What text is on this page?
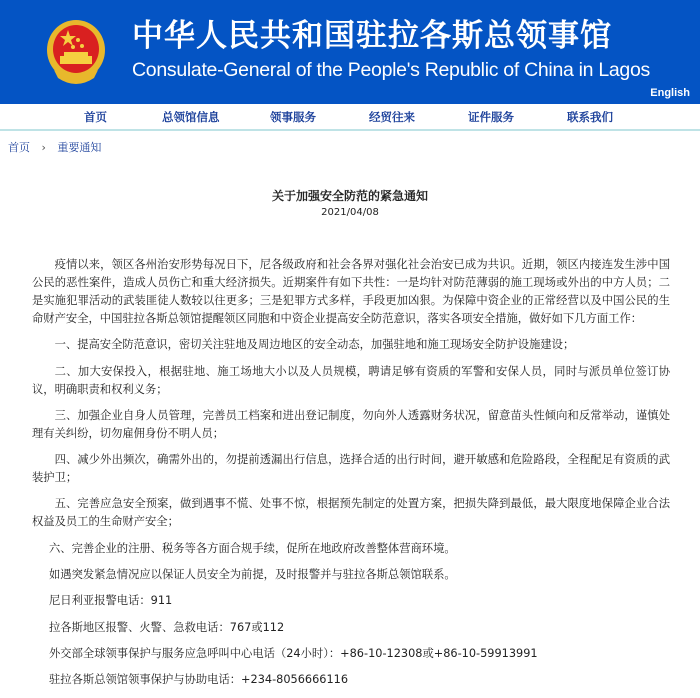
中华人民共和国驻拉各斯总领事馆
Consulate-General of the People's Republic of China in Lagos
English
首页	总领馆信息	领事服务	经贸往来	证件服务	联系我们
首页 › 重要通知
关于加强安全防范的紧急通知
2021/04/08

疫情以来，领区各州治安形势每况日下，尼各级政府和社会各界对强化社会治安已成为共识。近期，领区内接连发生涉中国公民的恶性案件，造成人员伤亡和重大经济损失。近期案件有如下共性：一是均针对防范薄弱的施工现场或外出的中方人员；二是实施犯罪活动的武装匪徒人数较以往更多；三是犯罪方式多样，手段更加凶狠。为保障中资企业的正常经营以及中国公民的生命财产安全，中国驻拉各斯总领馆提醒领区同胞和中资企业提高安全防范意识，落实各项安全措施，做好如下几方面工作：

一、提高安全防范意识，密切关注驻地及周边地区的安全动态，加强驻地和施工现场安全防护设施建设；

二、加大安保投入，根据驻地、施工场地大小以及人员规模，聘请足够有资质的军警和安保人员，同时与派员单位签订协议，明确职责和权利义务；

三、加强企业自身人员管理，完善员工档案和进出登记制度，勿向外人透露财务状况，留意苗头性倾向和反常举动，谨慎处理有关纠纷，切勿雇佣身份不明人员；

四、减少外出频次，确需外出的，勿提前透漏出行信息，选择合适的出行时间，避开敏感和危险路段，全程配足有资质的武装护卫；

五、完善应急安全预案，做到遇事不慌、处事不惊，根据预先制定的处置方案，把损失降到最低，最大限度地保障企业合法权益及员工的生命财产安全；

六、完善企业的注册、税务等各方面合规手续，促所在地政府改善整体营商环境。

如遇突发紧急情况应以保证人员安全为前提，及时报警并与驻拉各斯总领馆联系。

尼日利亚报警电话：911

拉各斯地区报警、火警、急救电话：767或112

外交部全球领事保护与服务应急呼叫中心电话（24小时）：+86-10-12308或+86-10-59913991

驻拉各斯总领馆领事保护与协助电话：+234-8056666116
